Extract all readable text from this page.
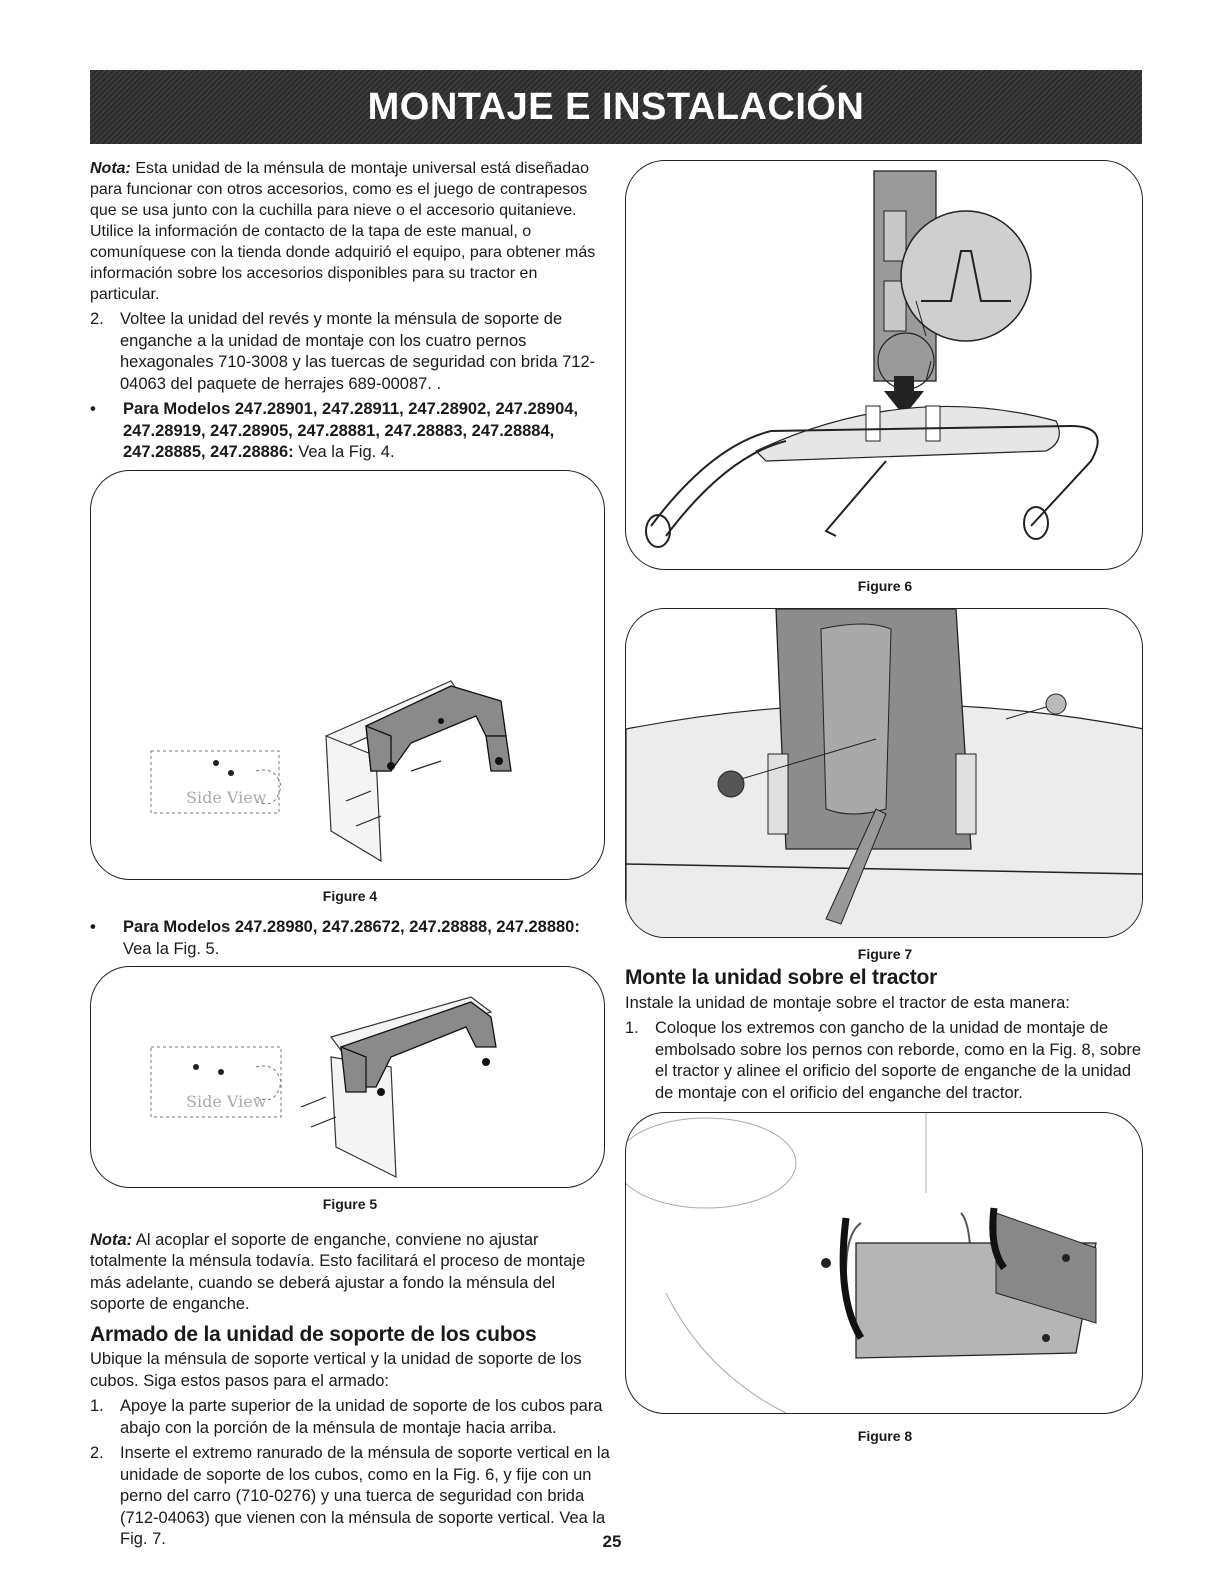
MONTAJE E INSTALACIÓN

Nota: Esta unidad de la ménsula de montaje universal está diseñadao para funcionar con otros accesorios, como es el juego de contrapesos que se usa junto con la cuchilla para nieve o el accesorio quitanieve. Utilice la información de contacto de la tapa de este manual, o comuníquese con la tienda donde adquirió el equipo, para obtener más información sobre los accesorios disponibles para su tractor en particular.

2. Voltee la unidad del revés y monte la ménsula de soporte de enganche a la unidad de montaje con los cuatro pernos hexagonales 710-3008 y las tuercas de seguridad con brida 712-04063 del paquete de herrajes 689-00087. .
•	Para Modelos 247.28901, 247.28911, 247.28902, 247.28904, 247.28919, 247.28905, 247.28881, 247.28883, 247.28884, 247.28885, 247.28886: Vea la Fig. 4.
Side View
Figure 4
•	Para Modelos 247.28980, 247.28672, 247.28888, 247.28880:
Vea la Fig. 5.
Side View
Figure 5

Nota: Al acoplar el soporte de enganche, conviene no ajustar totalmente la ménsula todavía. Esto facilitará el proceso de montaje más adelante, cuando se deberá ajustar a fondo la ménsula del soporte de enganche.

Armado de la unidad de soporte de los cubos

Ubique la ménsula de soporte vertical y la unidad de soporte de los cubos. Siga estos pasos para el armado:

1. Apoye la parte superior de la unidad de soporte de los cubos para abajo con la porción de la ménsula de montaje hacia arriba.
2. Inserte el extremo ranurado de la ménsula de soporte vertical en la unidade de soporte de los cubos, como en la Fig. 6, y fije con un perno del carro (710-0276) y una tuerca de seguridad con brida (712-04063) que vienen con la ménsula de soporte vertical. Vea la Fig. 7.
Figure 6
Figure 7
Monte la unidad sobre el tractor

Instale la unidad de montaje sobre el tractor de esta manera:

1. Coloque los extremos con gancho de la unidad de montaje de embolsado sobre los pernos con reborde, como en la Fig. 8, sobre el tractor y alinee el orificio del soporte de enganche de la unidad de montaje con el orificio del enganche del tractor.
Figure 8
25
